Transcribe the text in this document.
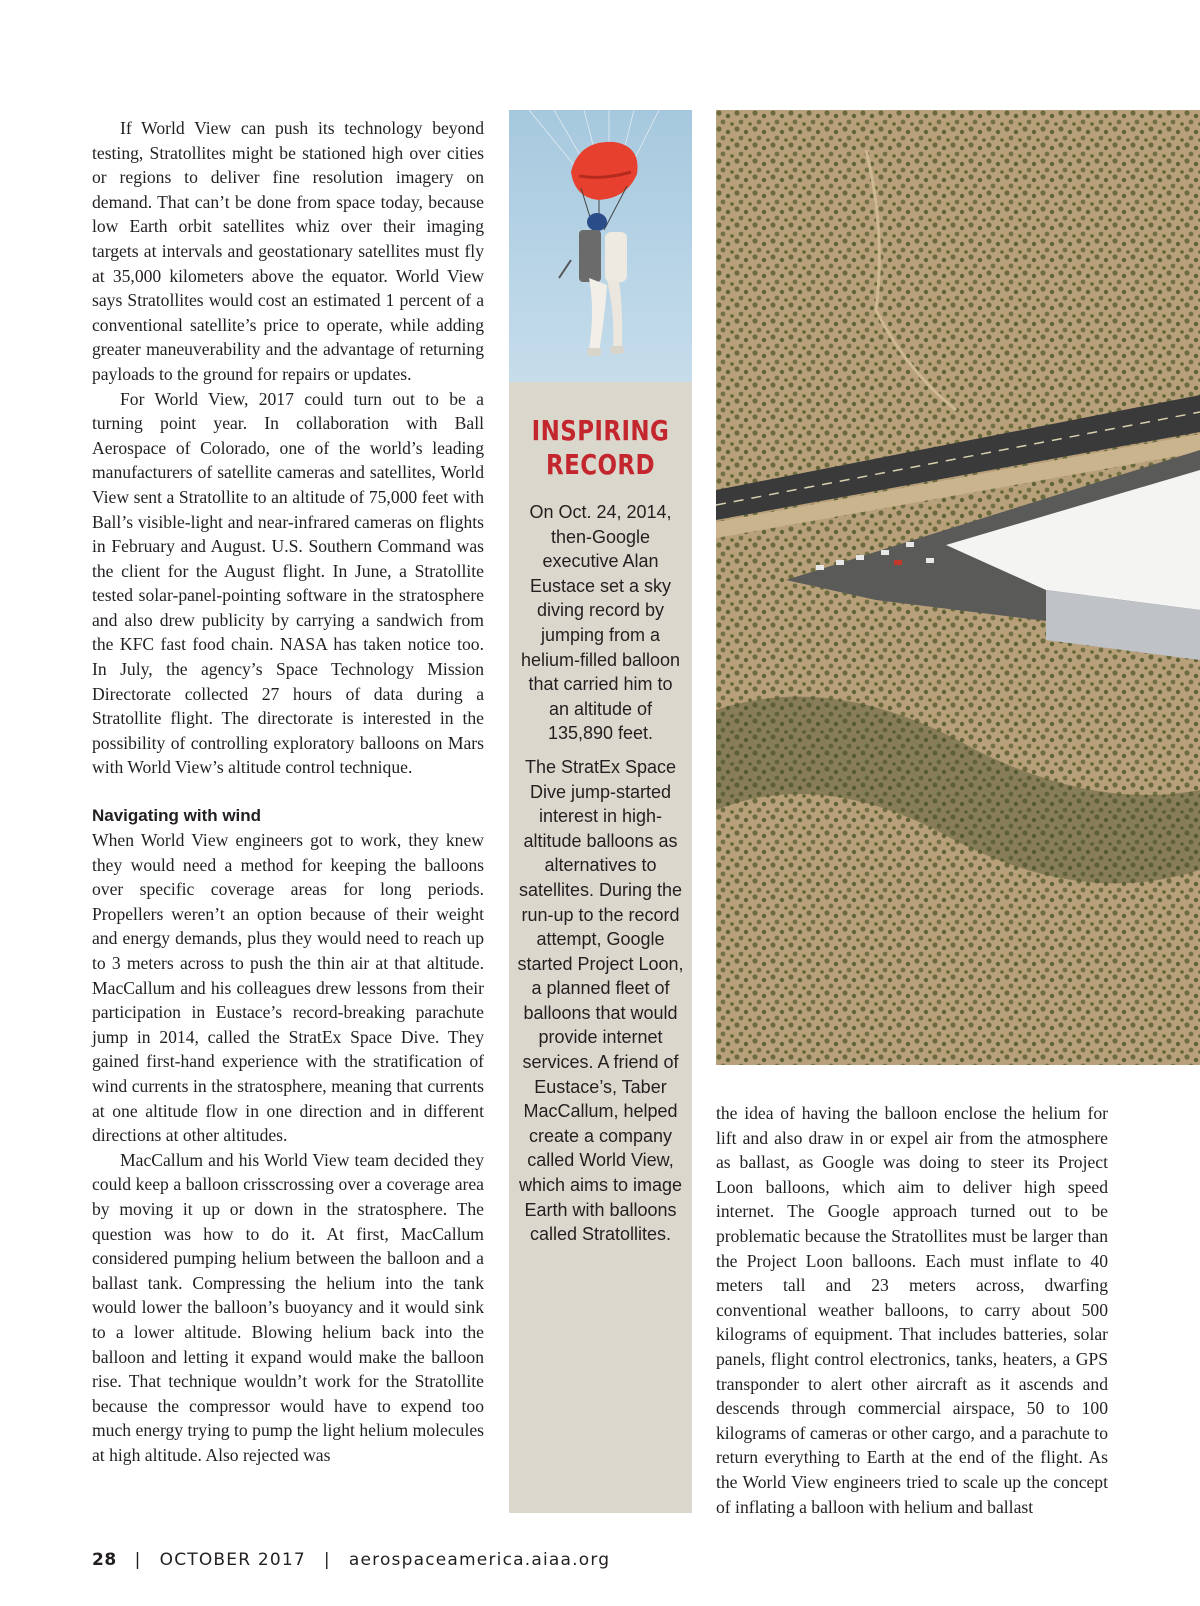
If World View can push its technology beyond testing, Stratollites might be stationed high over cities or regions to deliver fine resolution imagery on demand. That can’t be done from space today, because low Earth orbit satellites whiz over their imaging targets at intervals and geostationary satellites must fly at 35,000 kilometers above the equator. World View says Stratollites would cost an estimated 1 percent of a conventional satellite’s price to operate, while adding greater maneuverability and the advantage of returning payloads to the ground for repairs or updates.

For World View, 2017 could turn out to be a turning point year. In collaboration with Ball Aerospace of Colorado, one of the world’s leading manufacturers of satellite cameras and satellites, World View sent a Stratollite to an altitude of 75,000 feet with Ball’s visible-light and near-infrared cameras on flights in February and August. U.S. Southern Command was the client for the August flight. In June, a Stratollite tested solar-panel-pointing software in the stratosphere and also drew publicity by carrying a sandwich from the KFC fast food chain. NASA has taken notice too. In July, the agency’s Space Technology Mission Directorate collected 27 hours of data during a Stratollite flight. The directorate is interested in the possibility of controlling exploratory balloons on Mars with World View’s altitude control technique.

Navigating with wind

When World View engineers got to work, they knew they would need a method for keeping the balloons over specific coverage areas for long periods. Propellers weren’t an option because of their weight and energy demands, plus they would need to reach up to 3 meters across to push the thin air at that altitude. MacCallum and his colleagues drew lessons from their participation in Eustace’s record-breaking parachute jump in 2014, called the StratEx Space Dive. They gained first-hand experience with the stratification of wind currents in the stratosphere, meaning that currents at one altitude flow in one direction and in different directions at other altitudes.

MacCallum and his World View team decided they could keep a balloon crisscrossing over a coverage area by moving it up or down in the stratosphere. The question was how to do it. At first, MacCallum considered pumping helium between the balloon and a ballast tank. Compressing the helium into the tank would lower the balloon’s buoyancy and it would sink to a lower altitude. Blowing helium back into the balloon and letting it expand would make the balloon rise. That technique wouldn’t work for the Stratollite because the compressor would have to expend too much energy trying to pump the light helium molecules at high altitude. Also rejected was

INSPIRING
RECORD

On Oct. 24, 2014, then-Google executive Alan Eustace set a sky diving record by jumping from a helium-filled balloon that carried him to an altitude of 135,890 feet.

The StratEx Space Dive jump-started interest in high-altitude balloons as alternatives to satellites. During the run-up to the record attempt, Google started Project Loon, a planned fleet of balloons that would provide internet services. A friend of Eustace’s, Taber MacCallum, helped create a company called World View, which aims to image Earth with balloons called Stratollites.

the idea of having the balloon enclose the helium for lift and also draw in or expel air from the atmosphere as ballast, as Google was doing to steer its Project Loon balloons, which aim to deliver high speed internet. The Google approach turned out to be problematic because the Stratollites must be larger than the Project Loon balloons. Each must inflate to 40 meters tall and 23 meters across, dwarfing conventional weather balloons, to carry about 500 kilograms of equipment. That includes batteries, solar panels, flight control electronics, tanks, heaters, a GPS transponder to alert other aircraft as it ascends and descends through commercial airspace, 50 to 100 kilograms of cameras or other cargo, and a parachute to return everything to Earth at the end of the flight. As the World View engineers tried to scale up the concept of inflating a balloon with helium and ballast

28 | OCTOBER 2017 | aerospaceamerica.aiaa.org
